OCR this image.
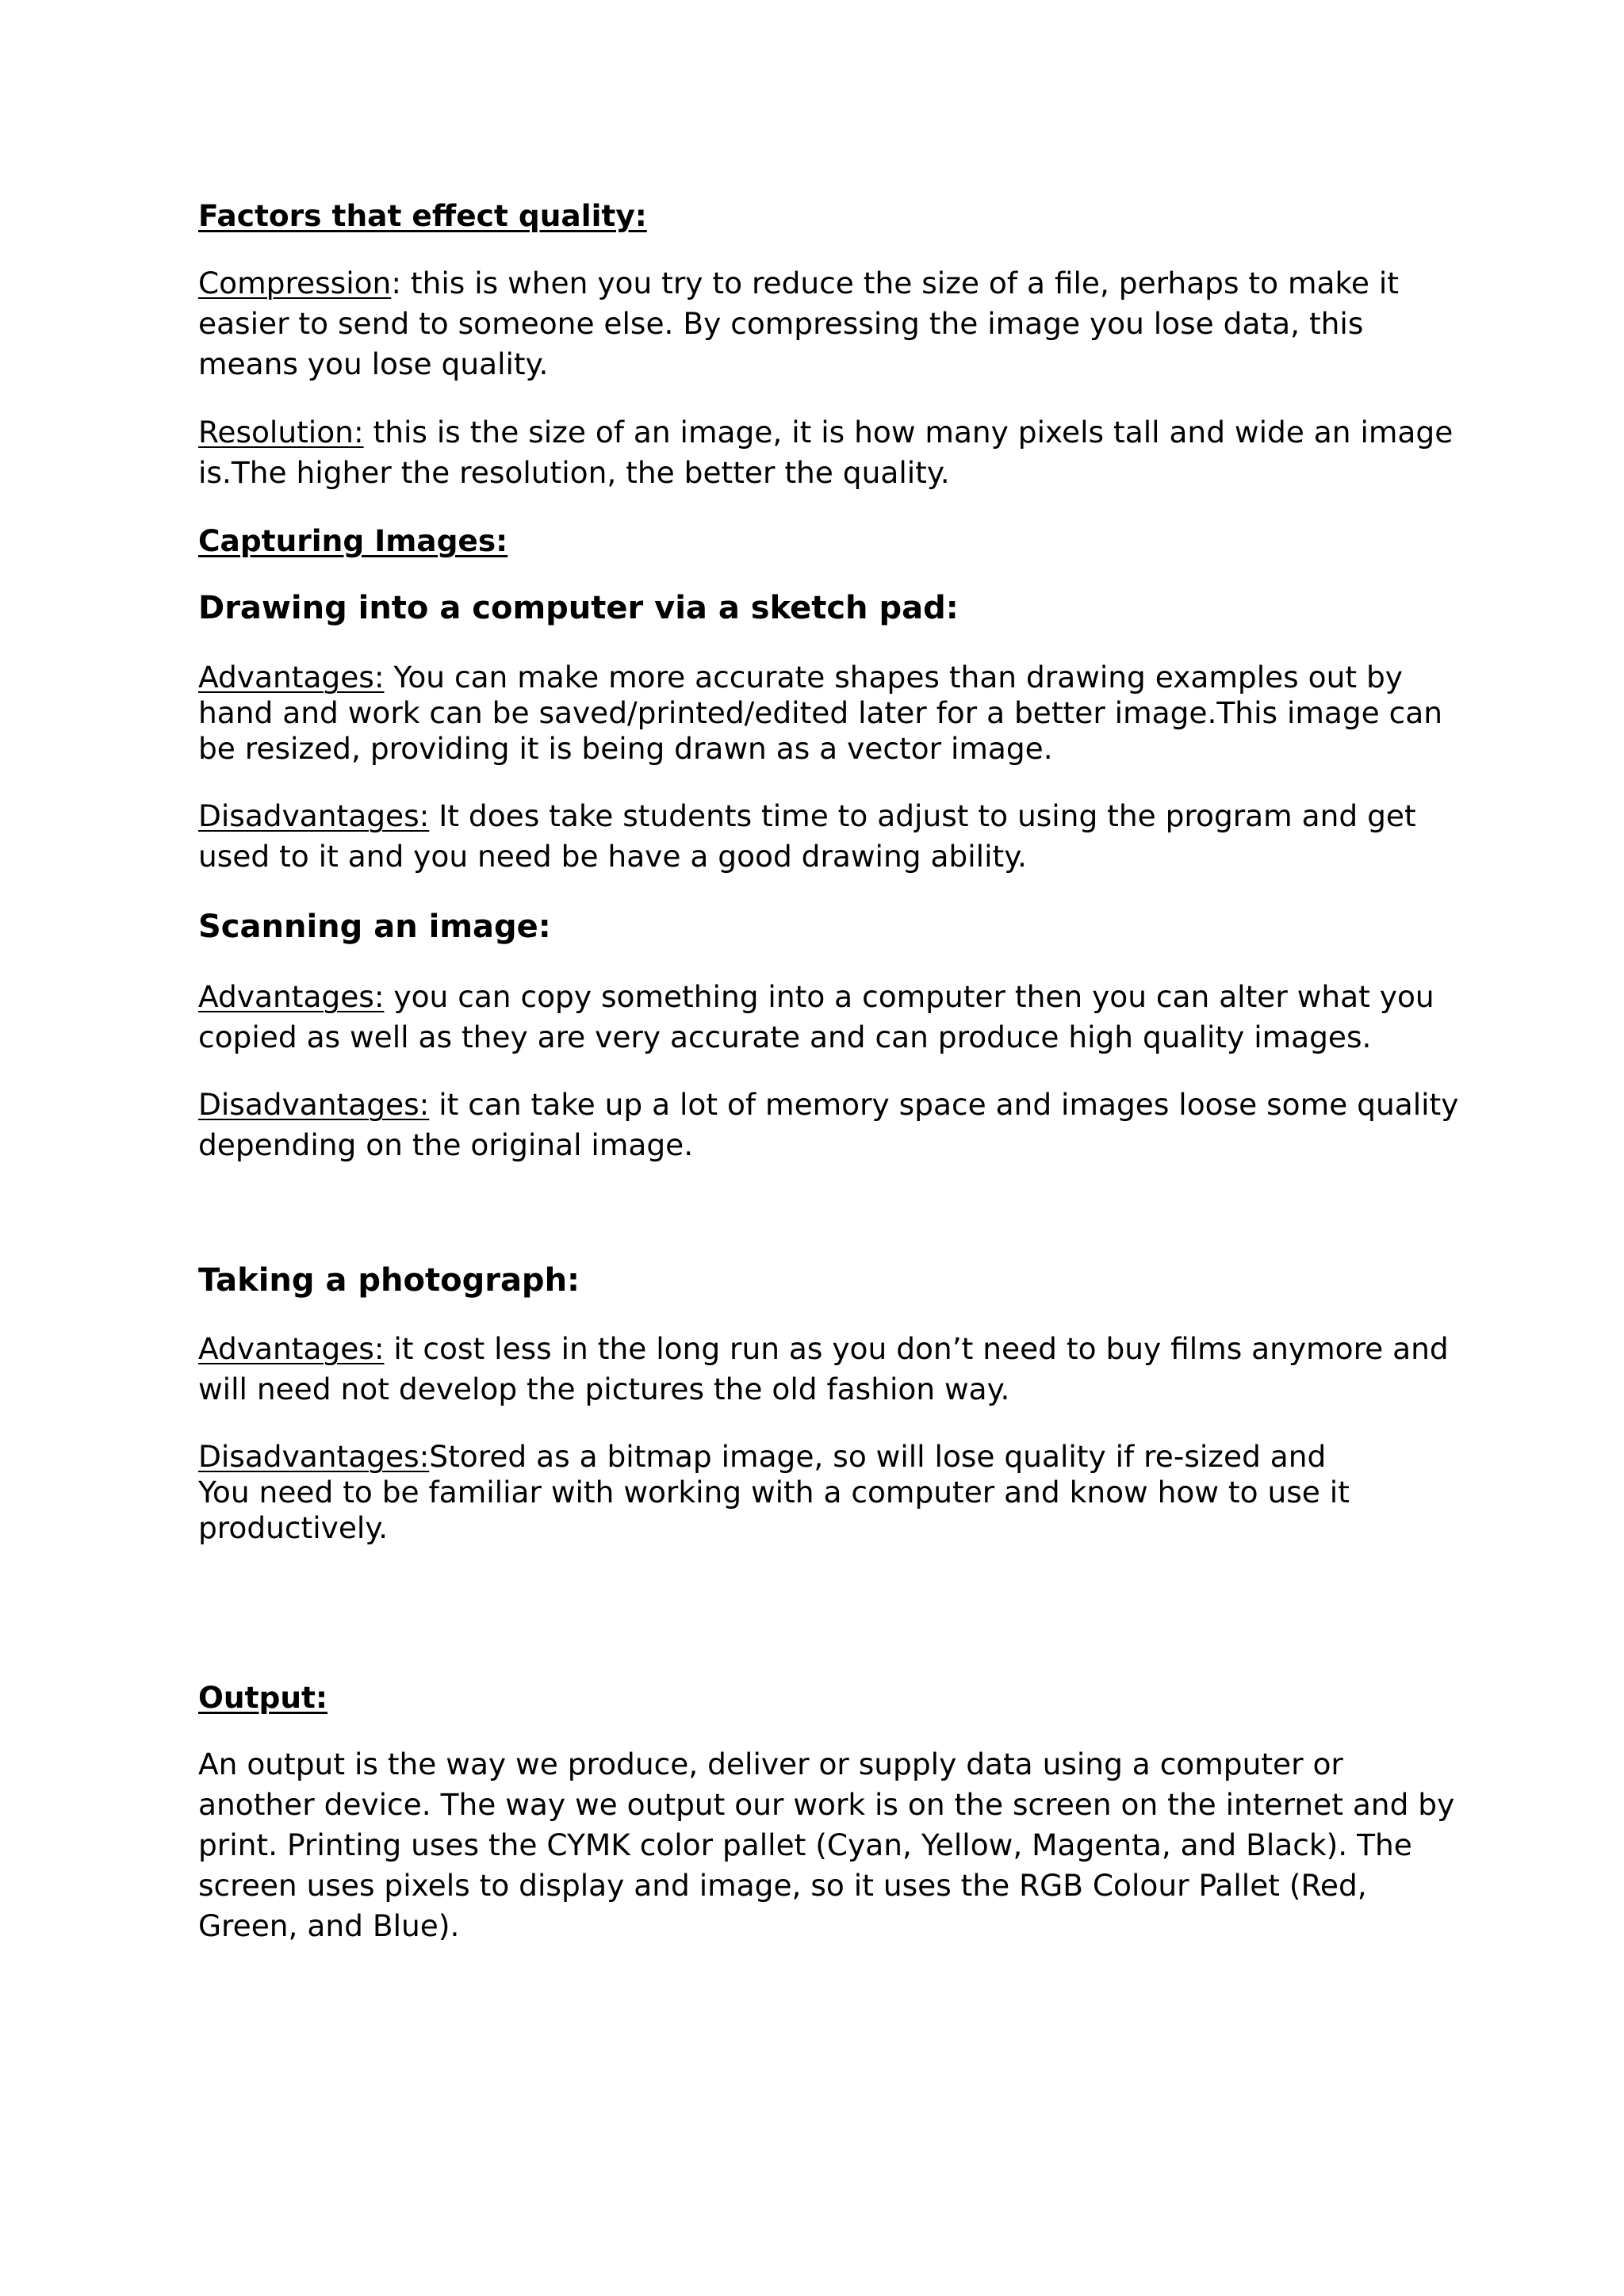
Factors that effect quality:

Compression: this is when you try to reduce the size of a file, perhaps to make it
easier to send to someone else. By compressing the image you lose data, this
means you lose quality.

Resolution: this is the size of an image, it is how many pixels tall and wide an image
is.The higher the resolution, the better the quality.

Capturing Images:

Drawing into a computer via a sketch pad:

Advantages: You can make more accurate shapes than drawing examples out by
hand and work can be saved/printed/edited later for a better image.This image can
be resized, providing it is being drawn as a vector image.

Disadvantages: It does take students time to adjust to using the program and get
used to it and you need be have a good drawing ability.

Scanning an image:

Advantages: you can copy something into a computer then you can alter what you
copied as well as they are very accurate and can produce high quality images.

Disadvantages: it can take up a lot of memory space and images loose some quality
depending on the original image.

Taking a photograph:

Advantages: it cost less in the long run as you don’t need to buy films anymore and
will need not develop the pictures the old fashion way.

Disadvantages:Stored as a bitmap image, so will lose quality if re-sized and
You need to be familiar with working with a computer and know how to use it
productively.

Output:

An output is the way we produce, deliver or supply data using a computer or
another device. The way we output our work is on the screen on the internet and by
print. Printing uses the CYMK color pallet (Cyan, Yellow, Magenta, and Black). The
screen uses pixels to display and image, so it uses the RGB Colour Pallet (Red,
Green, and Blue).
